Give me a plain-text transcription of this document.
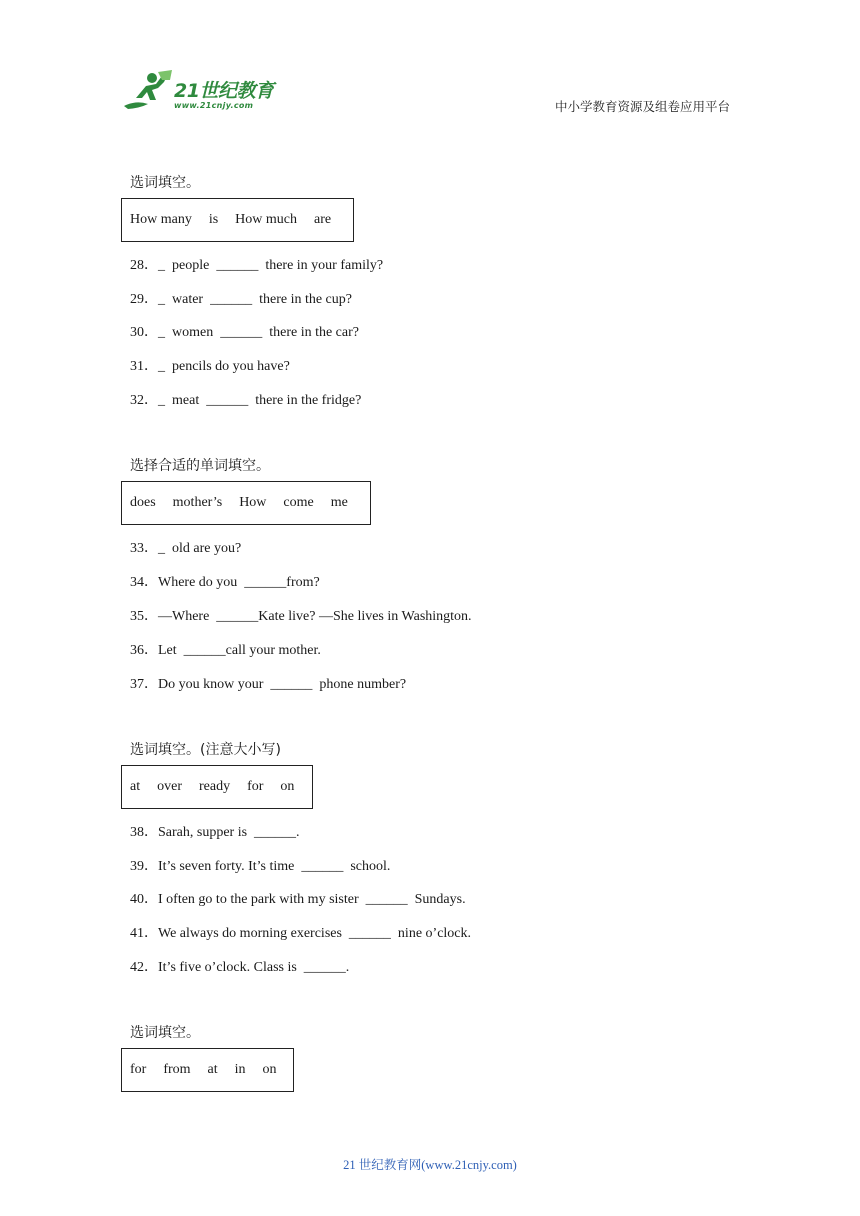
21世纪教育
www.21cnjy.com	中小学教育资源及组卷应用平台
选词填空。
How many is How much are
28．_  people  ______  there in your family?
29．_  water  ______  there in the cup?
30．_  women  ______  there in the car?
31．_  pencils do you have?
32．_  meat  ______  there in the fridge?
选择合适的单词填空。
does mother’s How come me
33．_  old are you?
34．Where do you  ______from?
35．—Where  ______Kate live? —She lives in Washington.
36．Let  ______call your mother.
37．Do you know your  ______  phone number?
选词填空。(注意大小写)
at over ready for on
38．Sarah, supper is  ______.
39．It’s seven forty. It’s time  ______  school.
40．I often go to the park with my sister  ______  Sundays.
41．We always do morning exercises  ______  nine o’clock.
42．It’s five o’clock. Class is  ______.
选词填空。
for from at in on
21 世纪教育网(www.21cnjy.com)
